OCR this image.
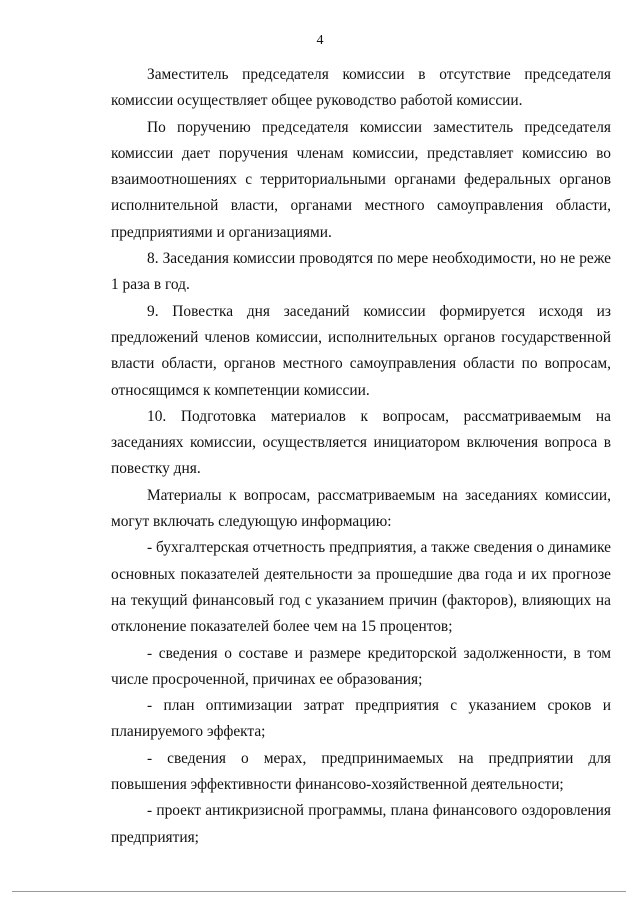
4

Заместитель председателя комиссии в отсутствие председателя комиссии осуществляет общее руководство работой комиссии.

По поручению председателя комиссии заместитель председателя комиссии дает поручения членам комиссии, представляет комиссию во взаимоотношениях с территориальными органами федеральных органов исполнительной власти, органами местного самоуправления области, предприятиями и организациями.

8. Заседания комиссии проводятся по мере необходимости, но не реже 1 раза в год.

9. Повестка дня заседаний комиссии формируется исходя из предложений членов комиссии, исполнительных органов государственной власти области, органов местного самоуправления области по вопросам, относящимся к компетенции комиссии.

10. Подготовка материалов к вопросам, рассматриваемым на заседаниях комиссии, осуществляется инициатором включения вопроса в повестку дня.

Материалы к вопросам, рассматриваемым на заседаниях комиссии, могут включать следующую информацию:

- бухгалтерская отчетность предприятия, а также сведения о динамике основных показателей деятельности за прошедшие два года и их прогнозе на текущий финансовый год с указанием причин (факторов), влияющих на отклонение показателей более чем на 15 процентов;

- сведения о составе и размере кредиторской задолженности, в том числе просроченной, причинах ее образования;

- план оптимизации затрат предприятия с указанием сроков и планируемого эффекта;

- сведения о мерах, предпринимаемых на предприятии для повышения эффективности финансово-хозяйственной деятельности;

- проект антикризисной программы, плана финансового оздоровления предприятия;
